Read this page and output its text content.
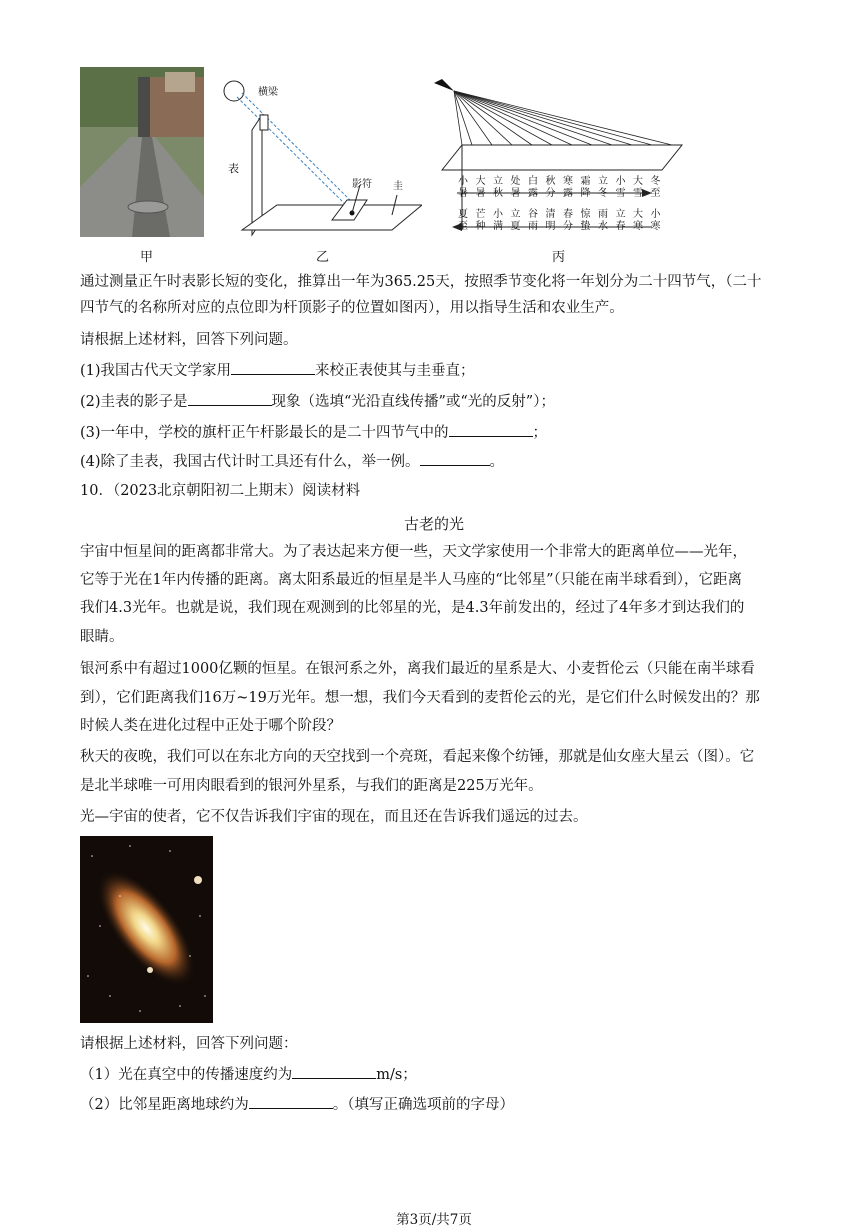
甲
横梁
表
影符 圭
乙	丙
通过测量正午时表影长短的变化，推算出一年为365.25天，按照季节变化将一年划分为二十四节气，（二十
四节气的名称所对应的点位即为杆顶影子的位置如图丙），用以指导生活和农业生产。
请根据上述材料，回答下列问题。
(1)我国古代天文学家用	来校正表使其与圭垂直；
(2)圭表的影子是	现象（选填“光沿直线传播”或“光的反射”）；
(3)一年中，学校的旗杆正午杆影最长的是二十四节气中的	；
(4)除了圭表，我国古代计时工具还有什么，举一例。	。
10．（2023北京朝阳初二上期末）阅读材料
古老的光
宇宙中恒星间的距离都非常大。为了表达起来方便一些，天文学家使用一个非常大的距离单位——光年，
它等于光在1年内传播的距离。离太阳系最近的恒星是半人马座的“比邻星”（只能在南半球看到），它距离
我们4.3光年。也就是说，我们现在观测到的比邻星的光，是4.3年前发出的，经过了4年多才到达我们的
眼睛。
银河系中有超过1000亿颗的恒星。在银河系之外，离我们最近的星系是大、小麦哲伦云（只能在南半球看
到），它们距离我们16万~19万光年。想一想，我们今天看到的麦哲伦云的光，是它们什么时候发出的？那
时候人类在进化过程中正处于哪个阶段？
秋天的夜晚，我们可以在东北方向的天空找到一个亮斑，看起来像个纺锤，那就是仙女座大星云（图）。它
是北半球唯一可用肉眼看到的银河外星系，与我们的距离是225万光年。
光—宇宙的使者，它不仅告诉我们宇宙的现在，而且还在告诉我们遥远的过去。
请根据上述材料，回答下列问题：
（1）光在真空中的传播速度约为	m/s；
（2）比邻星距离地球约为	。（填写正确选项前的字母）
第3页/共7页
小 大 立 处 白 秋 寒 霜 立 小 大 冬
暑 暑 秋 暑 露 分 露 降 冬 雪 雪 至
夏 芒 小 立 谷 清 春 惊 雨 立 大 小
至 种 满 夏 雨 明 分 蛰 水 春 寒 寒
